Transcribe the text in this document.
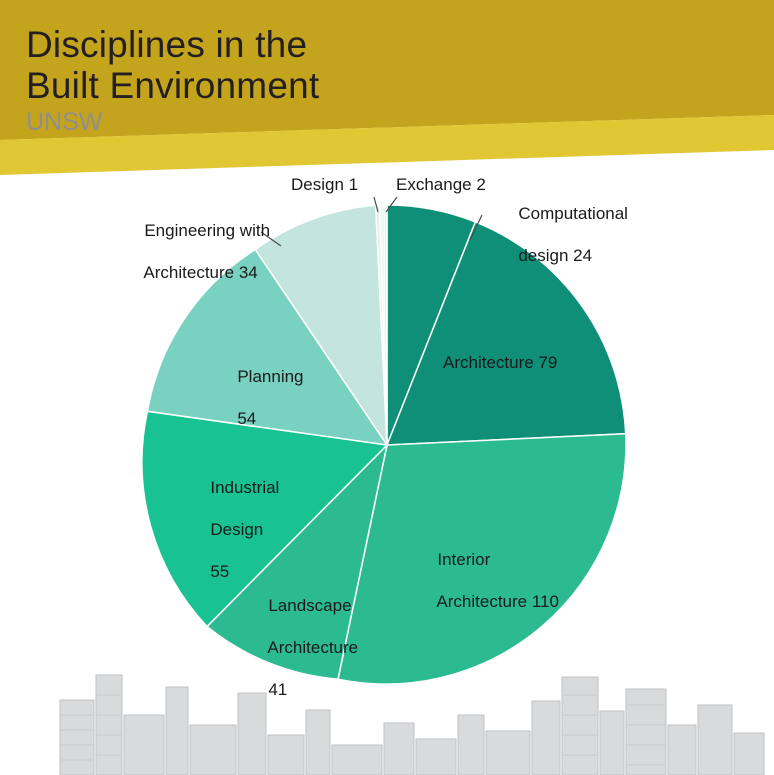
Disciplines in the
Built Environment
UNSW

Computational

design 24

Architecture 79

Interior

Architecture 110

Landscape

Architecture

41

Industrial

Design

55

Planning

54

Engineering with

Architecture 34

Design 1 Exchange 2
